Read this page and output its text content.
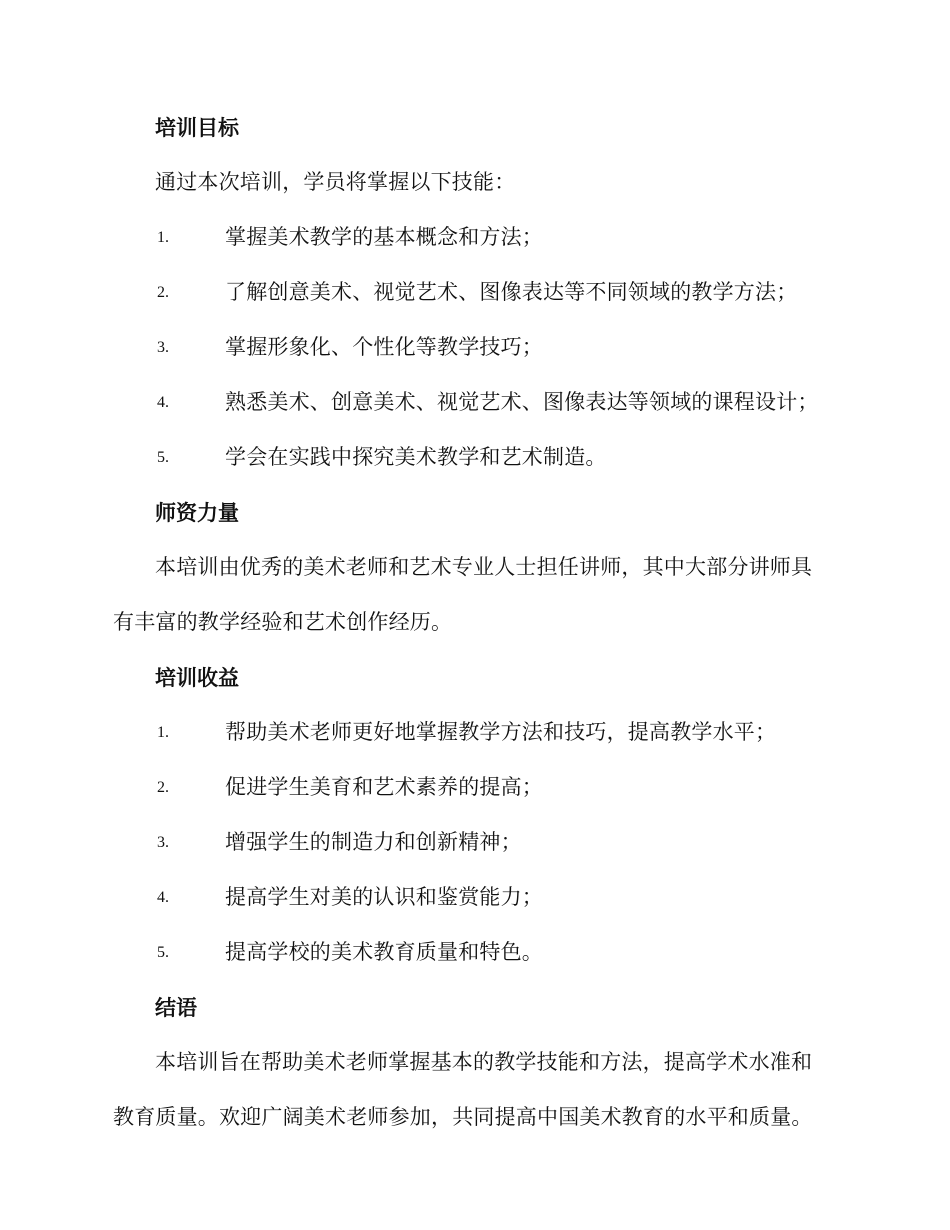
培训目标

通过本次培训，学员将掌握以下技能：

1.	掌握美术教学的基本概念和方法；
2.	了解创意美术、视觉艺术、图像表达等不同领域的教学方法；
3.	掌握形象化、个性化等教学技巧；
4.	熟悉美术、创意美术、视觉艺术、图像表达等领域的课程设计；
5.	学会在实践中探究美术教学和艺术制造。
师资力量

本培训由优秀的美术老师和艺术专业人士担任讲师，其中大部分讲师具有丰富的教学经验和艺术创作经历。

培训收益
1.	帮助美术老师更好地掌握教学方法和技巧，提高教学水平；
2.	促进学生美育和艺术素养的提高；
3.	增强学生的制造力和创新精神；
4.	提高学生对美的认识和鉴赏能力；
5.	提高学校的美术教育质量和特色。
结语

本培训旨在帮助美术老师掌握基本的教学技能和方法，提高学术水准和教育质量。欢迎广阔美术老师参加，共同提高中国美术教育的水平和质量。
